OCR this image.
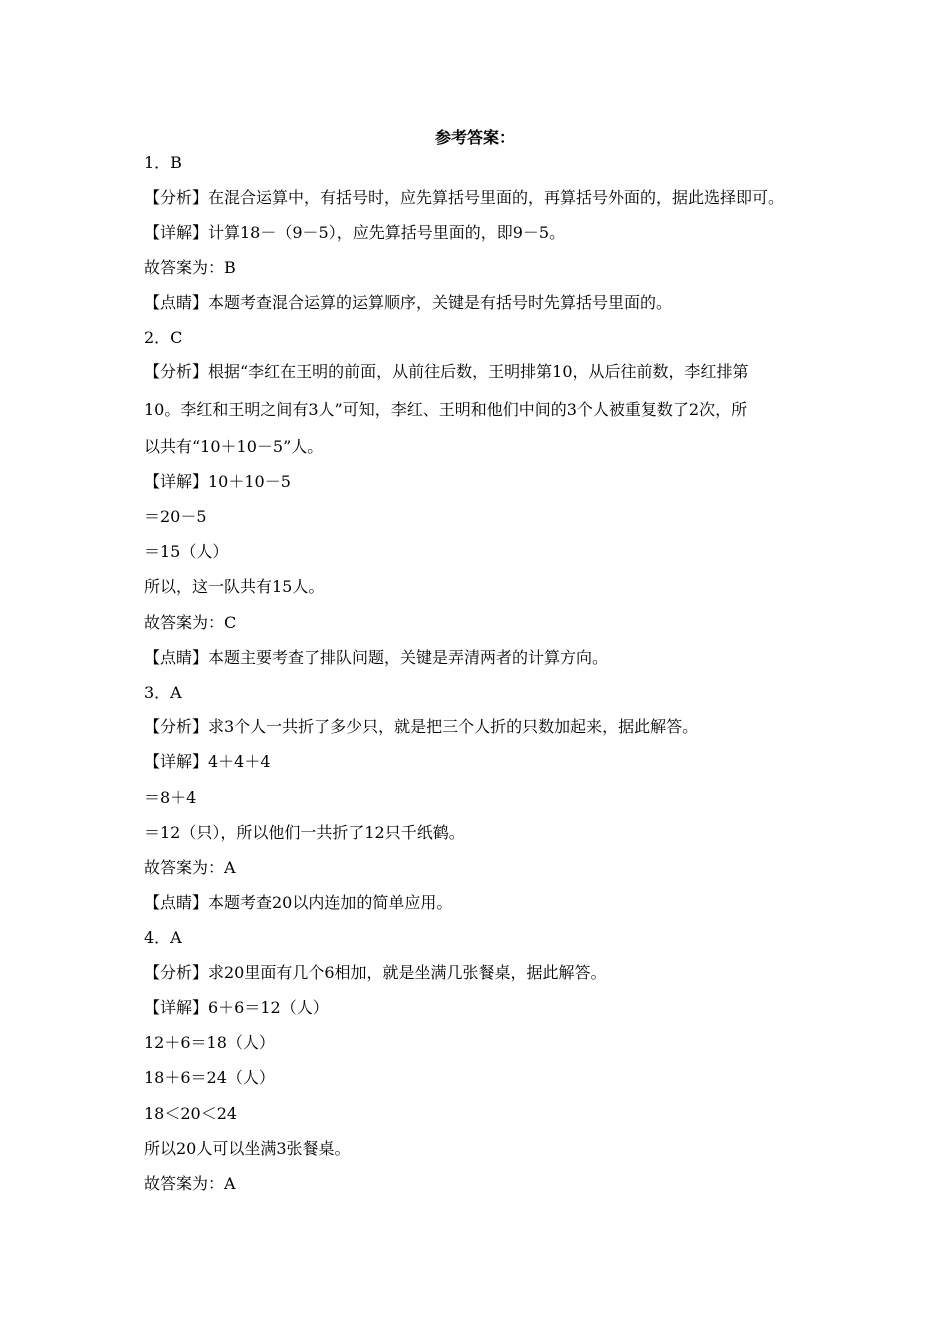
参考答案：
1．B
【分析】在混合运算中，有括号时，应先算括号里面的，再算括号外面的，据此选择即可。
【详解】计算18－（9－5），应先算括号里面的，即9－5。
故答案为：B
【点睛】本题考查混合运算的运算顺序，关键是有括号时先算括号里面的。
2．C
【分析】根据“李红在王明的前面，从前往后数，王明排第10，从后往前数，李红排第
10。李红和王明之间有3人”可知，李红、王明和他们中间的3个人被重复数了2次，所
以共有“10＋10－5”人。
【详解】10＋10－5
＝20－5
＝15（人）
所以，这一队共有15人。
故答案为：C
【点睛】本题主要考查了排队问题，关键是弄清两者的计算方向。
3．A
【分析】求3个人一共折了多少只，就是把三个人折的只数加起来，据此解答。
【详解】4＋4＋4
＝8＋4
＝12（只），所以他们一共折了12只千纸鹤。
故答案为：A
【点睛】本题考查20以内连加的简单应用。
4．A
【分析】求20里面有几个6相加，就是坐满几张餐桌，据此解答。
【详解】6＋6＝12（人）
12＋6＝18（人）
18＋6＝24（人）
18＜20＜24
所以20人可以坐满3张餐桌。
故答案为：A
